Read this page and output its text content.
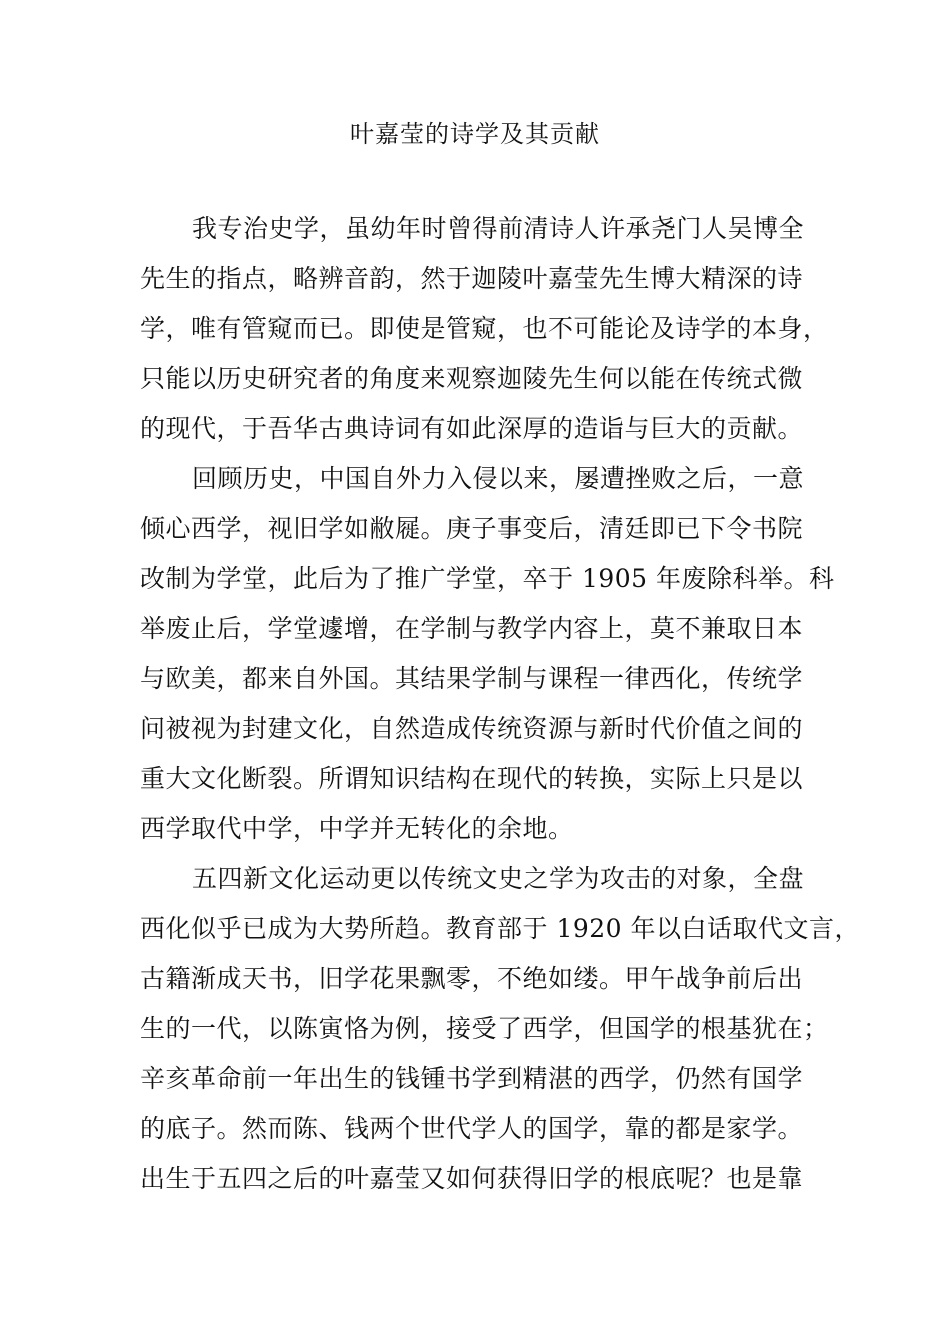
叶嘉莹的诗学及其贡献
我专治史学，虽幼年时曾得前清诗人许承尧门人吴博全
先生的指点，略辨音韵，然于迦陵叶嘉莹先生博大精深的诗
学，唯有管窥而已。即使是管窥，也不可能论及诗学的本身，
只能以历史研究者的角度来观察迦陵先生何以能在传统式微
的现代，于吾华古典诗词有如此深厚的造诣与巨大的贡献。
回顾历史，中国自外力入侵以来，屡遭挫败之后，一意
倾心西学，视旧学如敝屣。庚子事变后，清廷即已下令书院
改制为学堂，此后为了推广学堂，卒于 1905 年废除科举。科
举废止后，学堂遽增，在学制与教学内容上，莫不兼取日本
与欧美，都来自外国。其结果学制与课程一律西化，传统学
问被视为封建文化，自然造成传统资源与新时代价值之间的
重大文化断裂。所谓知识结构在现代的转换，实际上只是以
西学取代中学，中学并无转化的余地。
五四新文化运动更以传统文史之学为攻击的对象，全盘
西化似乎已成为大势所趋。教育部于 1920 年以白话取代文言，
古籍渐成天书，旧学花果飘零，不绝如缕。甲午战争前后出
生的一代，以陈寅恪为例，接受了西学，但国学的根基犹在；
辛亥革命前一年出生的钱锺书学到精湛的西学，仍然有国学
的底子。然而陈、钱两个世代学人的国学，靠的都是家学。
出生于五四之后的叶嘉莹又如何获得旧学的根底呢？也是靠
